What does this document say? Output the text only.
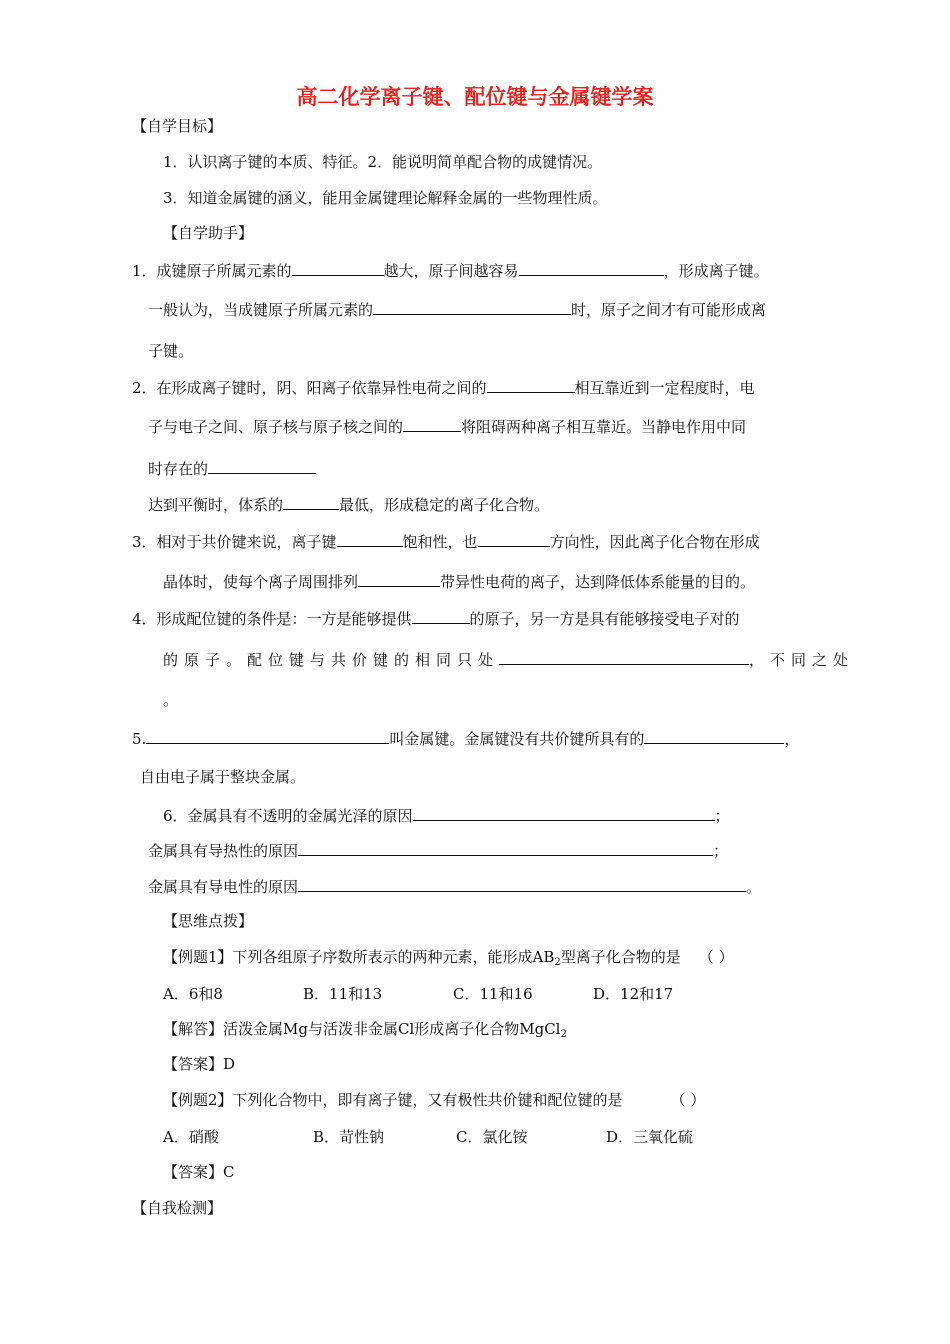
高二化学离子键、配位键与金属键学案
【自学目标】
1．认识离子键的本质、特征。2．能说明简单配合物的成键情况。
3．知道金属键的涵义，能用金属键理论解释金属的一些物理性质。
【自学助手】
1．成键原子所属元素的	越大，原子间越容易	，形成离子键。
一般认为，当成键原子所属元素的	时，原子之间才有可能形成离
子键。
2．在形成离子键时，阴、阳离子依靠异性电荷之间的	相互靠近到一定程度时，电
子与电子之间、原子核与原子核之间的	将阻碍两种离子相互靠近。当静电作用中同
时存在的
达到平衡时，体系的	最低，形成稳定的离子化合物。
3．相对于共价键来说，离子键	饱和性，也	方向性，因此离子化合物在形成
晶体时，使每个离子周围排列	带异性电荷的离子，达到降低体系能量的目的。
4．形成配位键的条件是：一方是能够提供	的原子，另一方是具有能够接受电子对的
的原子。配位键与共价键的相同只处	，不同之处
。
5.	叫金属键。金属键没有共价键所具有的	，
自由电子属于整块金属。
6．金属具有不透明的金属光泽的原因	；
金属具有导热性的原因	；
金属具有导电性的原因	。
【思维点拨】
【例题1】下列各组原子序数所表示的两种元素，能形成$AB_2$型离子化合物的是 （ ）
A．6和8	B．11和13	C．11和16	D．12和17
【解答】活泼金属Mg与活泼非金属Cl形成离子化合物MgCl$_2$
【答案】D
【例题2】下列化合物中，即有离子键，又有极性共价键和配位键的是	（ ）
A．硝酸	B．苛性钠	C．氯化铵	D．三氧化硫
【答案】C
【自我检测】
